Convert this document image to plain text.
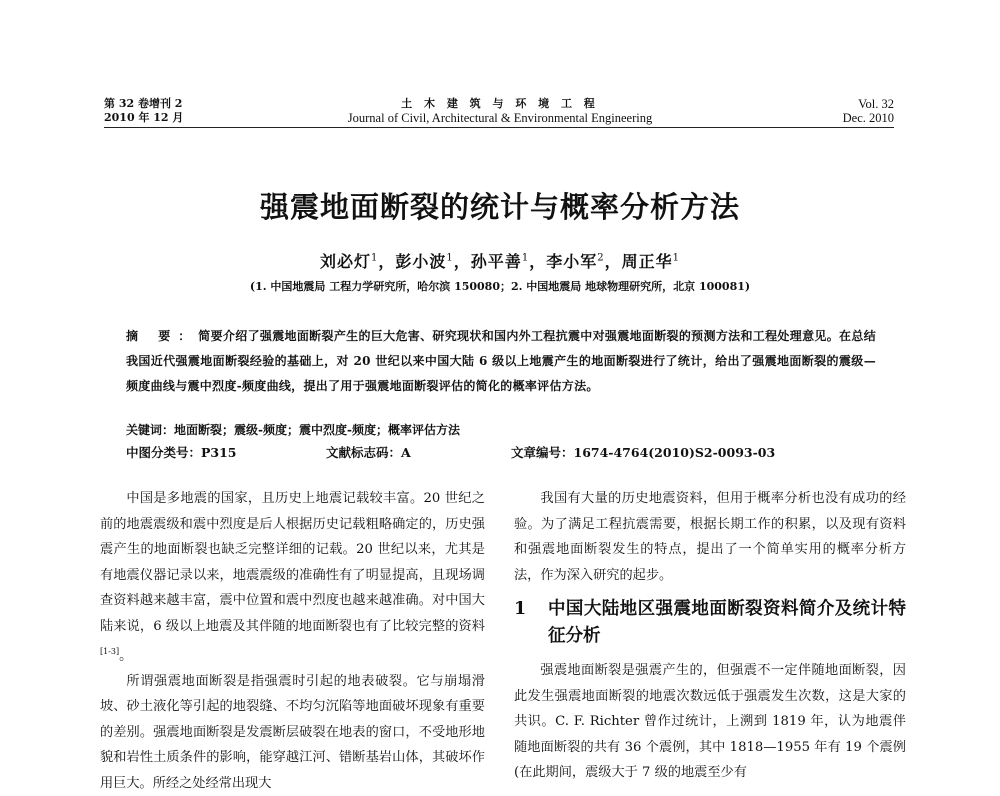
第 32 卷增刊 2
2010 年 12 月
土 木 建 筑 与 环 境 工 程
Journal of Civil, Architectural & Environmental Engineering
Vol. 32
Dec. 2010
强震地面断裂的统计与概率分析方法
刘必灯$^1$，彭小波$^1$，孙平善$^1$，李小军$^2$，周正华$^1$
(1. 中国地震局 工程力学研究所，哈尔滨 150080；2. 中国地震局 地球物理研究所，北京 100081)
摘 要：简要介绍了强震地面断裂产生的巨大危害、研究现状和国内外工程抗震中对强震地面断裂的预测方法和工程处理意见。在总结我国近代强震地面断裂经验的基础上，对 20 世纪以来中国大陆 6 级以上地震产生的地面断裂进行了统计，给出了强震地面断裂的震级—频度曲线与震中烈度-频度曲线，提出了用于强震地面断裂评估的简化的概率评估方法。
关键词：地面断裂；震级-频度；震中烈度-频度；概率评估方法
中图分类号：P315	文献标志码：A	文章编号：1674-4764(2010)S2-0093-03

中国是多地震的国家，且历史上地震记载较丰富。20 世纪之前的地震震级和震中烈度是后人根据历史记载粗略确定的，历史强震产生的地面断裂也缺乏完整详细的记载。20 世纪以来，尤其是有地震仪器记录以来，地震震级的准确性有了明显提高，且现场调查资料越来越丰富，震中位置和震中烈度也越来越准确。对中国大陆来说，6 级以上地震及其伴随的地面断裂也有了比较完整的资料[1-3]。

所谓强震地面断裂是指强震时引起的地表破裂。它与崩塌滑坡、砂土液化等引起的地裂缝、不均匀沉陷等地面破坏现象有重要的差别。强震地面断裂是发震断层破裂在地表的窗口，不受地形地貌和岩性土质条件的影响，能穿越江河、错断基岩山体，其破坏作用巨大。所经之处经常出现大

我国有大量的历史地震资料，但用于概率分析也没有成功的经验。为了满足工程抗震需要，根据长期工作的积累，以及现有资料和强震地面断裂发生的特点，提出了一个简单实用的概率分析方法，作为深入研究的起步。

1	中国大陆地区强震地面断裂资料简介及统计特征分析

强震地面断裂是强震产生的，但强震不一定伴随地面断裂，因此发生强震地面断裂的地震次数远低于强震发生次数，这是大家的共识。C. F. Richter 曾作过统计，上溯到 1819 年，认为地震伴随地面断裂的共有 36 个震例，其中 1818—1955 年有 19 个震例(在此期间，震级大于 7 级的地震至少有
